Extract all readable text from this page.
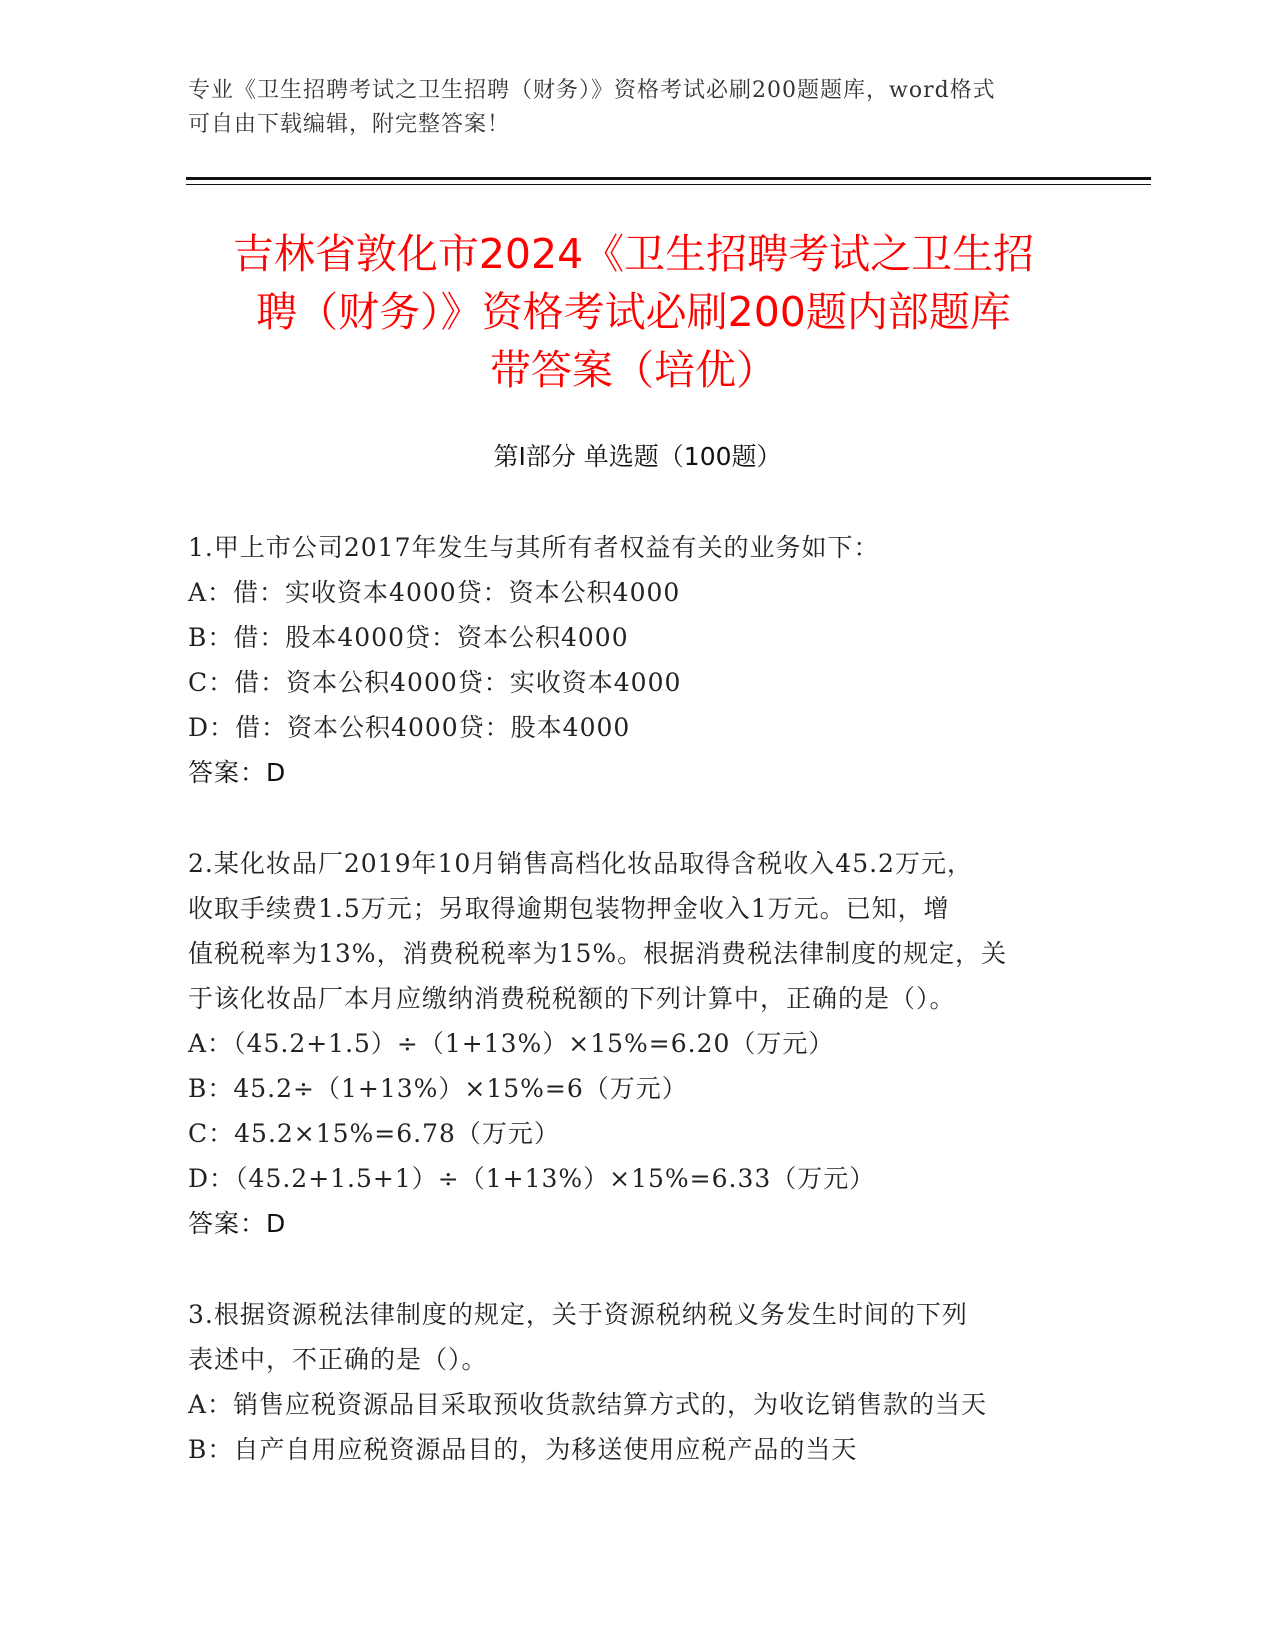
专业《卫生招聘考试之卫生招聘（财务）》资格考试必刷200题题库，word格式
可自由下载编辑，附完整答案！
吉林省敦化市2024《卫生招聘考试之卫生招
聘（财务）》资格考试必刷200题内部题库
带答案（培优）
第I部分 单选题（100题）

1.甲上市公司2017年发生与其所有者权益有关的业务如下：

A：借：实收资本4000贷：资本公积4000

B：借：股本4000贷：资本公积4000

C：借：资本公积4000贷：实收资本4000

D：借：资本公积4000贷：股本4000

答案：D

2.某化妆品厂2019年10月销售高档化妆品取得含税收入45.2万元，

收取手续费1.5万元；另取得逾期包装物押金收入1万元。已知，增

值税税率为13%，消费税税率为15%。根据消费税法律制度的规定，关

于该化妆品厂本月应缴纳消费税税额的下列计算中，正确的是（）。

A：（45.2+1.5）÷（1+13%）×15%=6.20（万元）

B：45.2÷（1+13%）×15%=6（万元）

C：45.2×15%=6.78（万元）

D：（45.2+1.5+1）÷（1+13%）×15%=6.33（万元）

答案：D

3.根据资源税法律制度的规定，关于资源税纳税义务发生时间的下列

表述中，不正确的是（）。

A：销售应税资源品目采取预收货款结算方式的，为收讫销售款的当天

B：自产自用应税资源品目的，为移送使用应税产品的当天
